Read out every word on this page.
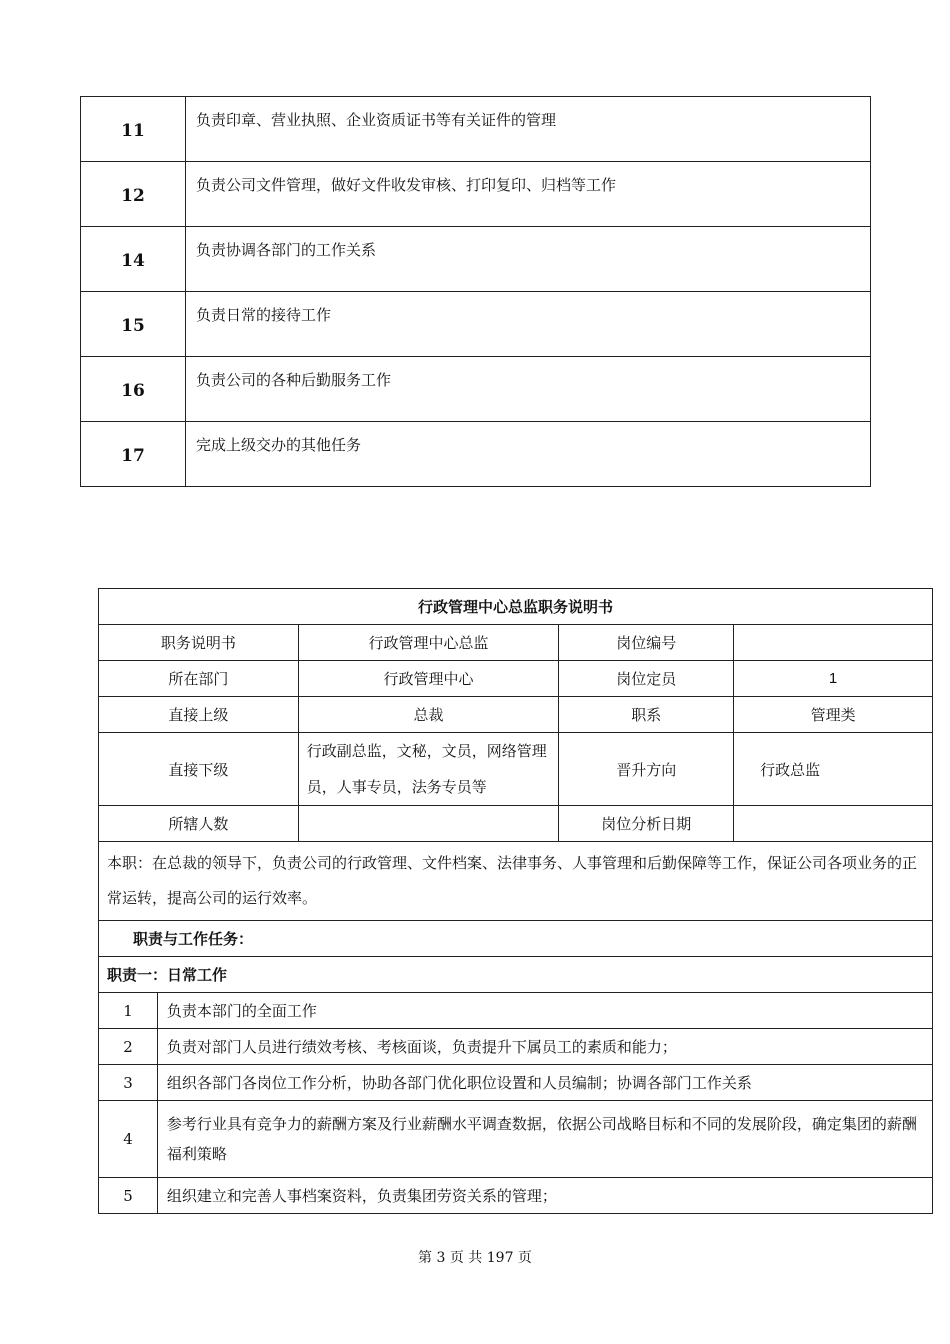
11	负责印章、营业执照、企业资质证书等有关证件的管理
12	负责公司文件管理，做好文件收发审核、打印复印、归档等工作
14	负责协调各部门的工作关系
15	负责日常的接待工作
16	负责公司的各种后勤服务工作
17	完成上级交办的其他任务
行政管理中心总监职务说明书				
职务说明书		行政管理中心总监	岗位编号	
所在部门		行政管理中心	岗位定员	1
直接上级		总裁	职系	管理类
直接下级		行政副总监，文秘，文员，网络管理员，人事专员，法务专员等	晋升方向	行政总监
所辖人数			岗位分析日期	
本职：在总裁的领导下，负责公司的行政管理、文件档案、法律事务、人事管理和后勤保障等工作，保证公司各项业务的正常运转，提高公司的运行效率。				
职责与工作任务：				
职责一：日常工作				
1	负责本部门的全面工作			
2	负责对部门人员进行绩效考核、考核面谈，负责提升下属员工的素质和能力；			
3	组织各部门各岗位工作分析，协助各部门优化职位设置和人员编制；协调各部门工作关系			
4	参考行业具有竞争力的薪酬方案及行业薪酬水平调查数据，依据公司战略目标和不同的发展阶段，确定集团的薪酬福利策略			
5	组织建立和完善人事档案资料，负责集团劳资关系的管理；			
第 3 页 共 197 页
